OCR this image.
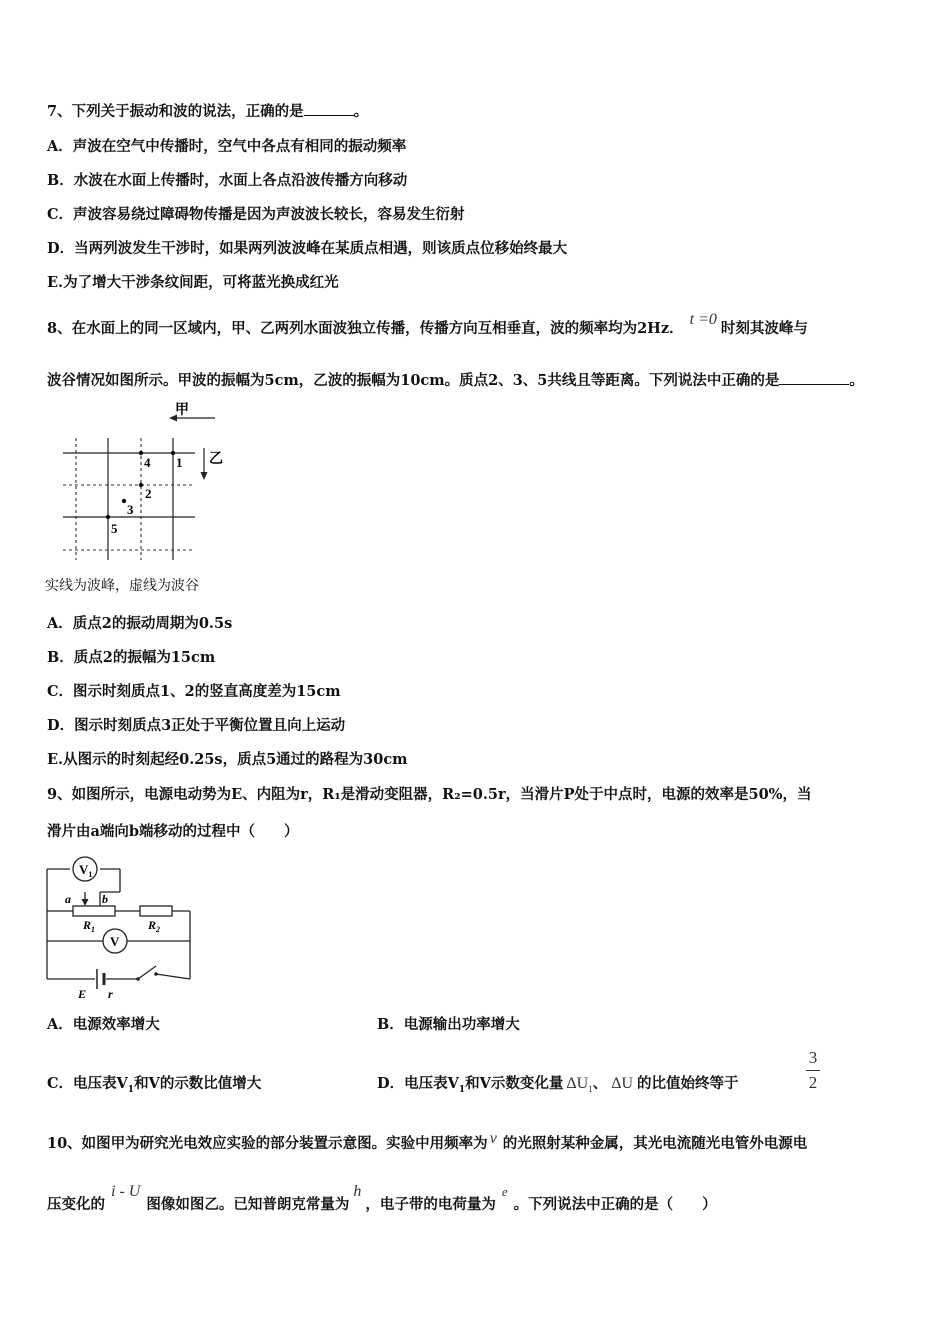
7、下列关于振动和波的说法，正确的是	。
A．声波在空气中传播时，空气中各点有相同的振动频率
B．水波在水面上传播时，水面上各点沿波传播方向移动
C．声波容易绕过障碍物传播是因为声波波长较长，容易发生衍射
D．当两列波发生干涉时，如果两列波波峰在某质点相遇，则该质点位移始终最大
E.为了增大干涉条纹间距，可将蓝光换成红光
8、在水面上的同一区域内，甲、乙两列水面波独立传播，传播方向互相垂直，波的频率均为2Hz．t =0时刻其波峰与
波谷情况如图所示。甲波的振幅为5cm，乙波的振幅为10cm。质点2、3、5共线且等距离。下列说法中正确的是	。
甲
乙
1
2
3
4
5
实线为波峰，虚线为波谷
A．质点2的振动周期为0.5s
B．质点2的振幅为15cm
C．图示时刻质点1、2的竖直高度差为15cm
D．图示时刻质点3正处于平衡位置且向上运动
E.从图示的时刻起经0.25s，质点5通过的路程为30cm
9、如图所示，电源电动势为E、内阻为r，R₁是滑动变阻器，R₂=0.5r，当滑片P处于中点时，电源的效率是50%，当
滑片由a端向b端移动的过程中（　　）
$V_1$
V
a	b
$R_1$	$R_2$
E r
A．电源效率增大	B．电源输出功率增大
C．电压表$V_1$和V的示数比值增大	D．电压表$V_1$和V示数变化量 $\Delta U_1$、 ΔU 的比值始终等于
3
2
10、如图甲为研究光电效应实验的部分装置示意图。实验中用频率为 v 的光照射某种金属，其光电流随光电管外电源电
压变化的i - U图像如图乙。已知普朗克常量为h，电子带的电荷量为e。下列说法中正确的是（　　）
